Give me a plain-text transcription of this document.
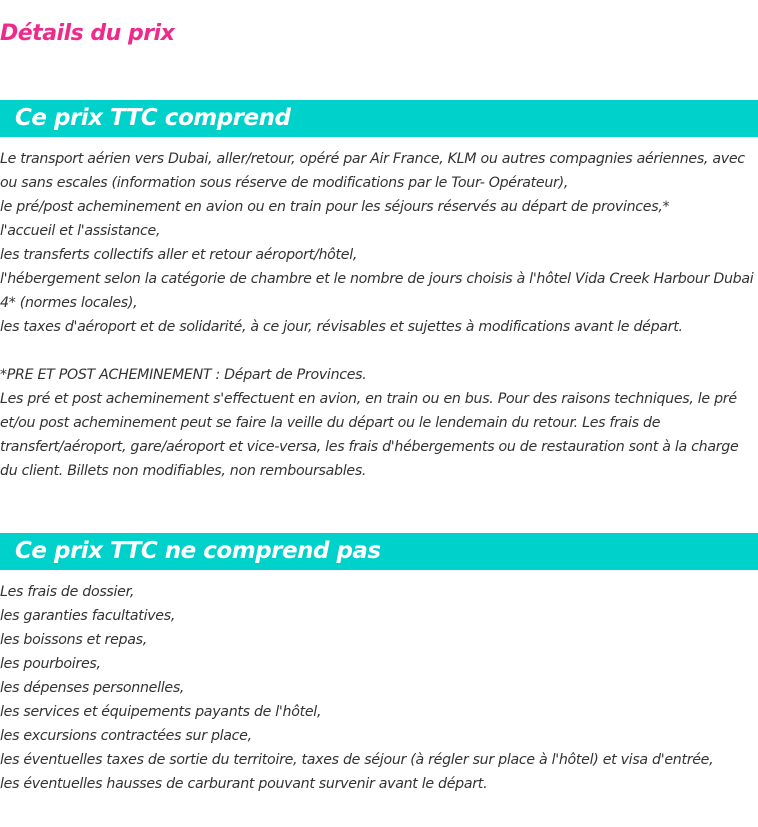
Détails du prix
Ce prix TTC comprend
Le transport aérien vers Dubai, aller/retour, opéré par Air France, KLM ou autres compagnies aériennes, avec ou sans escales (information sous réserve de modifications par le Tour- Opérateur),
le pré/post acheminement en avion ou en train pour les séjours réservés au départ de provinces,*
l'accueil et l'assistance,
les transferts collectifs aller et retour aéroport/hôtel,
l'hébergement selon la catégorie de chambre et le nombre de jours choisis à l'hôtel Vida Creek Harbour Dubai 4* (normes locales),
les taxes d'aéroport et de solidarité, à ce jour, révisables et sujettes à modifications avant le départ.
*PRE ET POST ACHEMINEMENT : Départ de Provinces.
Les pré et post acheminement s'effectuent en avion, en train ou en bus. Pour des raisons techniques, le pré et/ou post acheminement peut se faire la veille du départ ou le lendemain du retour. Les frais de transfert/aéroport, gare/aéroport et vice-versa, les frais d'hébergements ou de restauration sont à la charge du client. Billets non modifiables, non remboursables.
Ce prix TTC ne comprend pas
Les frais de dossier,
les garanties facultatives,
les boissons et repas,
les pourboires,
les dépenses personnelles,
les services et équipements payants de l'hôtel,
les excursions contractées sur place,
les éventuelles taxes de sortie du territoire, taxes de séjour (à régler sur place à l'hôtel) et visa d'entrée,
les éventuelles hausses de carburant pouvant survenir avant le départ.
